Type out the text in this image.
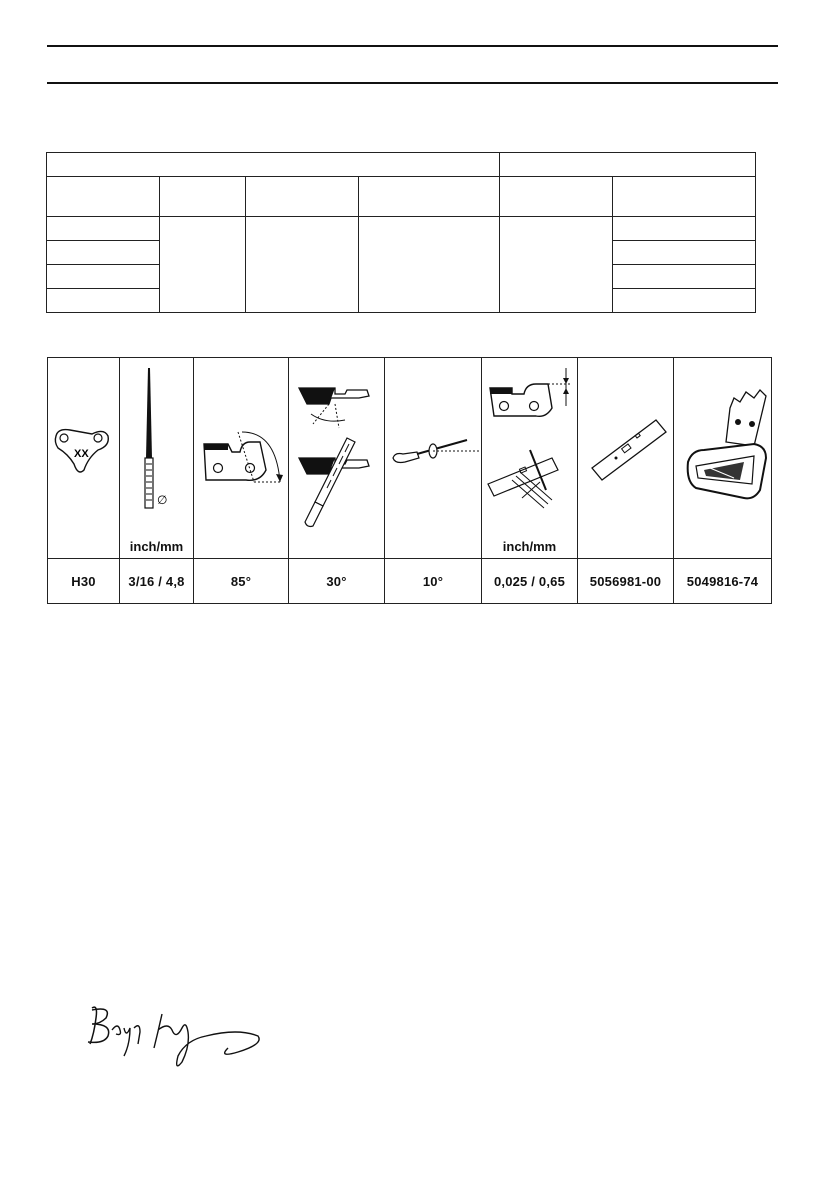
XX	∅
inch/mm				inch/mm

H30	3/16 / 4,8	85°	30°	10°	0,025 / 0,65	5056981-00	5049816-74
